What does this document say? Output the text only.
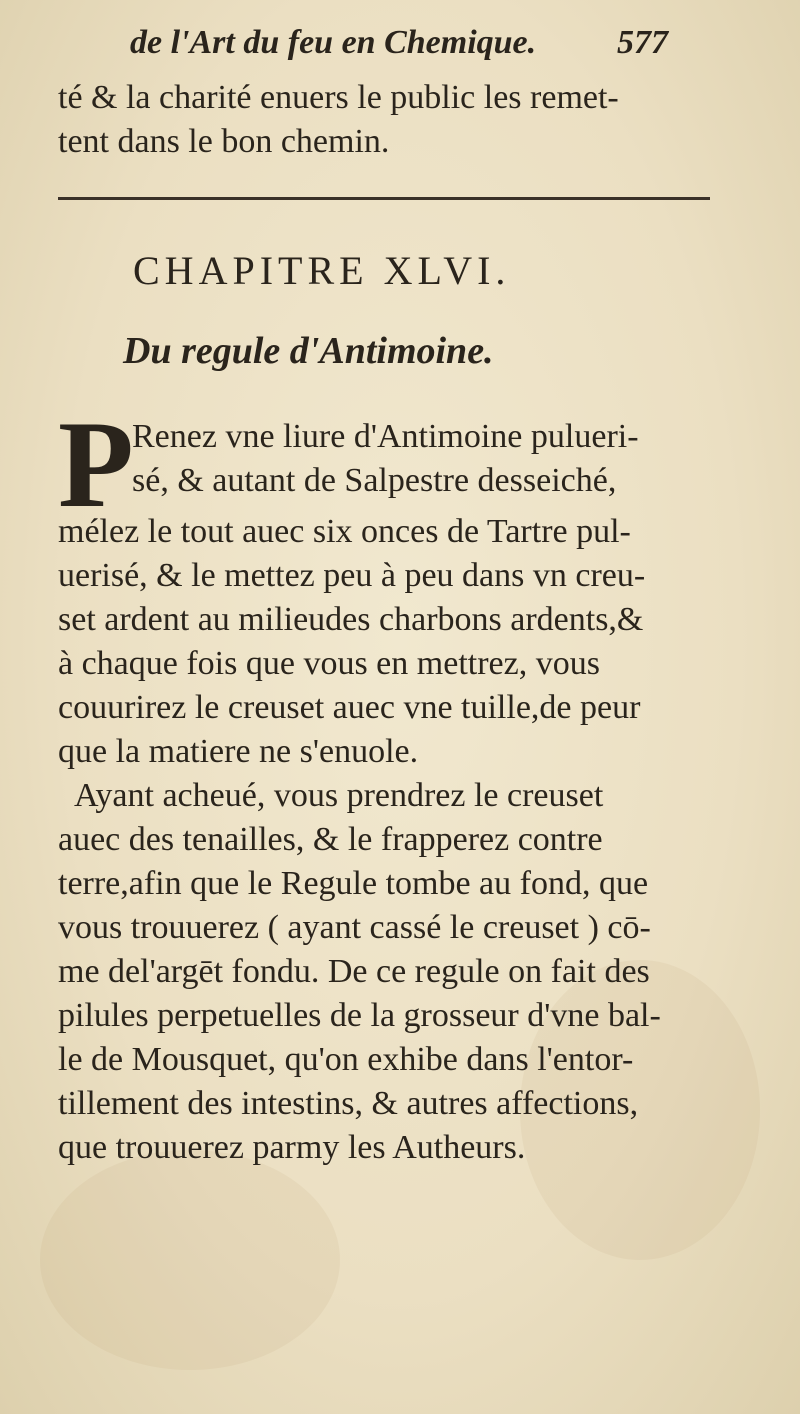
de l'Art du feu en Chemique. 577
té & la charité enuers le public les remet-
tent dans le bon chemin.
CHAPITRE XLVI.
Du regule d'Antimoine.
P
Renez vne liure d'Antimoine pulueri-
sé, & autant de Salpestre desseiché,
mélez le tout auec six onces de Tartre pul-
uerisé, & le mettez peu à peu dans vn creu-
set ardent au milieudes charbons ardents,&
à chaque fois que vous en mettrez, vous
couurirez le creuset auec vne tuille,de peur
que la matiere ne s'enuole.
Ayant acheué, vous prendrez le creuset
auec des tenailles, & le frapperez contre
terre,afin que le Regule tombe au fond, que
vous trouuerez ( ayant cassé le creuset ) cō-
me del'argēt fondu. De ce regule on fait des
pilules perpetuelles de la grosseur d'vne bal-
le de Mousquet, qu'on exhibe dans l'entor-
tillement des intestins, & autres affections,
que trouuerez parmy les Autheurs.
